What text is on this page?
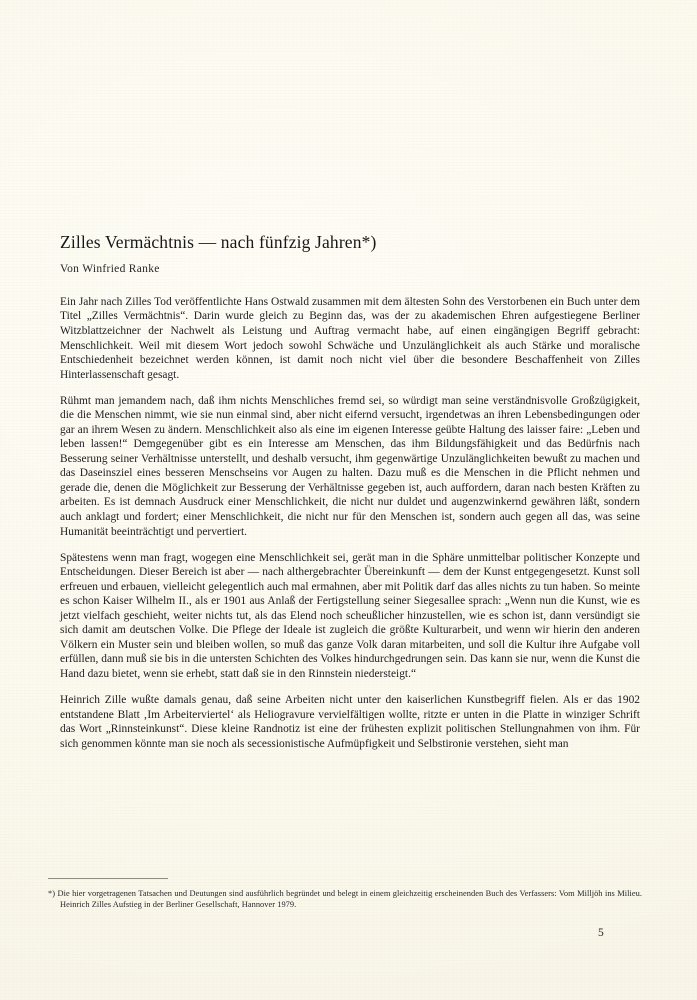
Zilles Vermächtnis — nach fünfzig Jahren*)
Von Winfried Ranke

Ein Jahr nach Zilles Tod veröffentlichte Hans Ostwald zusammen mit dem ältesten Sohn des Verstorbenen ein Buch unter dem Titel „Zilles Vermächtnis“. Darin wurde gleich zu Beginn das, was der zu akademischen Ehren aufgestiegene Berliner Witzblattzeichner der Nachwelt als Leistung und Auftrag vermacht habe, auf einen eingängigen Begriff gebracht: Menschlichkeit. Weil mit diesem Wort jedoch sowohl Schwäche und Unzulänglichkeit als auch Stärke und moralische Entschiedenheit bezeichnet werden können, ist damit noch nicht viel über die besondere Beschaffenheit von Zilles Hinterlassenschaft gesagt.

Rühmt man jemandem nach, daß ihm nichts Menschliches fremd sei, so würdigt man seine verständnisvolle Großzügigkeit, die die Menschen nimmt, wie sie nun einmal sind, aber nicht eifernd versucht, irgendetwas an ihren Lebensbedingungen oder gar an ihrem Wesen zu ändern. Menschlichkeit also als eine im eigenen Interesse geübte Haltung des laisser faire: „Leben und leben lassen!“ Demgegenüber gibt es ein Interesse am Menschen, das ihm Bildungsfähigkeit und das Bedürfnis nach Besserung seiner Verhältnisse unterstellt, und deshalb versucht, ihm gegenwärtige Unzulänglichkeiten bewußt zu machen und das Daseinsziel eines besseren Menschseins vor Augen zu halten. Dazu muß es die Menschen in die Pflicht nehmen und gerade die, denen die Möglichkeit zur Besserung der Verhältnisse gegeben ist, auch auffordern, daran nach besten Kräften zu arbeiten. Es ist demnach Ausdruck einer Menschlichkeit, die nicht nur duldet und augenzwinkernd gewähren läßt, sondern auch anklagt und fordert; einer Menschlichkeit, die nicht nur für den Menschen ist, sondern auch gegen all das, was seine Humanität beeinträchtigt und pervertiert.

Spätestens wenn man fragt, wogegen eine Menschlichkeit sei, gerät man in die Sphäre unmittelbar politischer Konzepte und Entscheidungen. Dieser Bereich ist aber — nach althergebrachter Übereinkunft — dem der Kunst entgegengesetzt. Kunst soll erfreuen und erbauen, vielleicht gelegentlich auch mal ermahnen, aber mit Politik darf das alles nichts zu tun haben. So meinte es schon Kaiser Wilhelm II., als er 1901 aus Anlaß der Fertigstellung seiner Siegesallee sprach: „Wenn nun die Kunst, wie es jetzt vielfach geschieht, weiter nichts tut, als das Elend noch scheußlicher hinzustellen, wie es schon ist, dann versündigt sie sich damit am deutschen Volke. Die Pflege der Ideale ist zugleich die größte Kulturarbeit, und wenn wir hierin den anderen Völkern ein Muster sein und bleiben wollen, so muß das ganze Volk daran mitarbeiten, und soll die Kultur ihre Aufgabe voll erfüllen, dann muß sie bis in die untersten Schichten des Volkes hindurchgedrungen sein. Das kann sie nur, wenn die Kunst die Hand dazu bietet, wenn sie erhebt, statt daß sie in den Rinnstein niedersteigt.“

Heinrich Zille wußte damals genau, daß seine Arbeiten nicht unter den kaiserlichen Kunstbegriff fielen. Als er das 1902 entstandene Blatt ‚Im Arbeiterviertel‘ als Heliogravure vervielfältigen wollte, ritzte er unten in die Platte in winziger Schrift das Wort „Rinnsteinkunst“. Diese kleine Randnotiz ist eine der frühesten explizit politischen Stellungnahmen von ihm. Für sich genommen könnte man sie noch als secessionistische Aufmüpfigkeit und Selbstironie verstehen, sieht man

*) Die hier vorgetragenen Tatsachen und Deutungen sind ausführlich begründet und belegt in einem gleichzeitig erscheinenden Buch des Verfassers: Vom Milljöh ins Milieu. Heinrich Zilles Aufstieg in der Berliner Gesellschaft, Hannover 1979.

5
